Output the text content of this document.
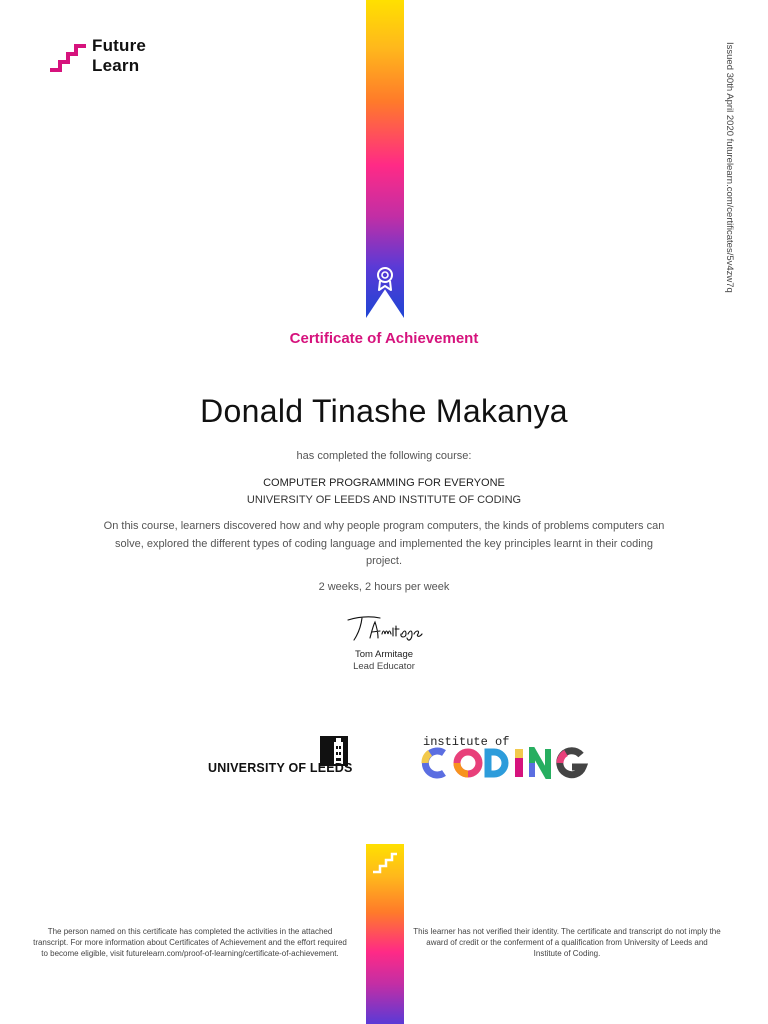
Future
Learn	Issued 30th April 2020 futurelearn.com/certificates/5v4zw7q
Certificate of Achievement
Donald Tinashe Makanya
has completed the following course:
COMPUTER PROGRAMMING FOR EVERYONE
UNIVERSITY OF LEEDS AND INSTITUTE OF CODING
On this course, learners discovered how and why people program computers, the kinds of problems computers can solve, explored the different types of coding language and implemented the key principles learnt in their coding project.
2 weeks, 2 hours per week
Tom Armitage
Lead Educator
UNIVERSITY OF LEEDS
institute of
CODING
The person named on this certificate has completed the activities in the attached transcript. For more information about Certificates of Achievement and the effort required to become eligible, visit futurelearn.com/proof-of-learning/certificate-of-achievement.
This learner has not verified their identity. The certificate and transcript do not imply the award of credit or the conferment of a qualification from University of Leeds and Institute of Coding.
